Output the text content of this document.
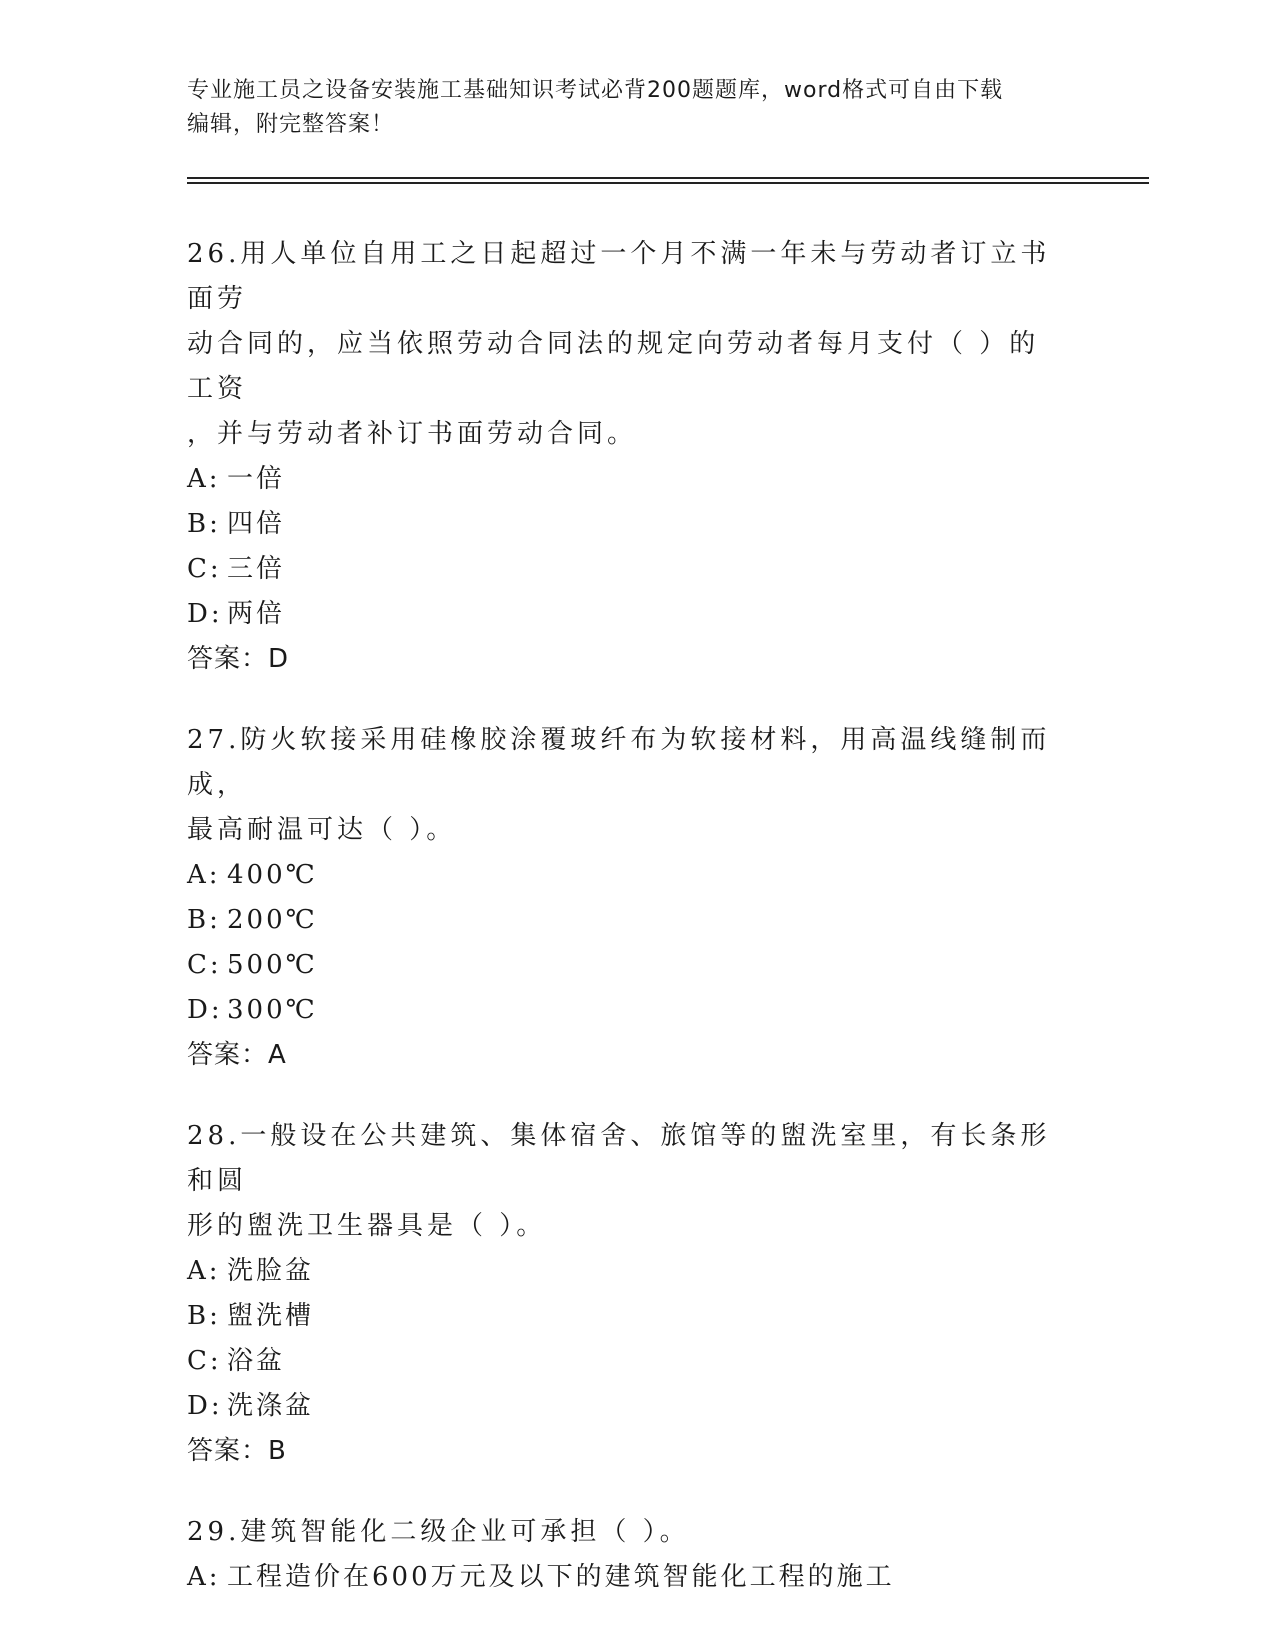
专业施工员之设备安装施工基础知识考试必背200题题库，word格式可自由下载
编辑，附完整答案！
26.用人单位自用工之日起超过一个月不满一年未与劳动者订立书面劳
动合同的，应当依照劳动合同法的规定向劳动者每月支付（ ）的工资
，并与劳动者补订书面劳动合同。
A: 一倍
B: 四倍
C: 三倍
D: 两倍
答案：D
27.防火软接采用硅橡胶涂覆玻纤布为软接材料，用高温线缝制而成，
最高耐温可达（ ）。
A: 400℃
B: 200℃
C: 500℃
D: 300℃
答案：A
28.一般设在公共建筑、集体宿舍、旅馆等的盥洗室里，有长条形和圆
形的盥洗卫生器具是（ ）。
A: 洗脸盆
B: 盥洗槽
C: 浴盆
D: 洗涤盆
答案：B
29.建筑智能化二级企业可承担（ ）。
A: 工程造价在600万元及以下的建筑智能化工程的施工
